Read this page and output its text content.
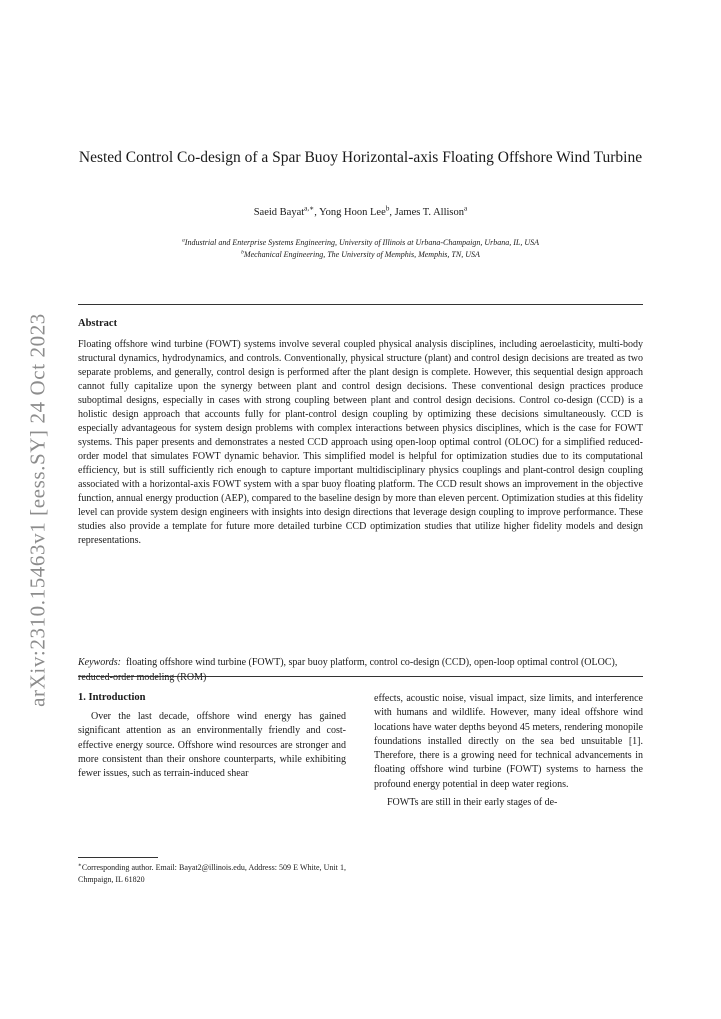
arXiv:2310.15463v1 [eess.SY] 24 Oct 2023
Nested Control Co-design of a Spar Buoy Horizontal-axis Floating Offshore Wind Turbine
Saeid Bayat$^{a,∗}$, Yong Hoon Lee$^b$, James T. Allison$^a$
$^a$Industrial and Enterprise Systems Engineering, University of Illinois at Urbana-Champaign, Urbana, IL, USA
$^b$Mechanical Engineering, The University of Memphis, Memphis, TN, USA
Abstract

Floating offshore wind turbine (FOWT) systems involve several coupled physical analysis disciplines, including aeroelasticity, multi-body structural dynamics, hydrodynamics, and controls. Conventionally, physical structure (plant) and control design decisions are treated as two separate problems, and generally, control design is performed after the plant design is complete. However, this sequential design approach cannot fully capitalize upon the synergy between plant and control design decisions. These conventional design practices produce suboptimal designs, especially in cases with strong coupling between plant and control design decisions. Control co-design (CCD) is a holistic design approach that accounts fully for plant-control design coupling by optimizing these decisions simultaneously. CCD is especially advantageous for system design problems with complex interactions between physics disciplines, which is the case for FOWT systems. This paper presents and demonstrates a nested CCD approach using open-loop optimal control (OLOC) for a simplified reduced-order model that simulates FOWT dynamic behavior. This simplified model is helpful for optimization studies due to its computational efficiency, but is still sufficiently rich enough to capture important multidisciplinary physics couplings and plant-control design coupling associated with a horizontal-axis FOWT system with a spar buoy floating platform. The CCD result shows an improvement in the objective function, annual energy production (AEP), compared to the baseline design by more than eleven percent. Optimization studies at this fidelity level can provide system design engineers with insights into design directions that leverage design coupling to improve performance. These studies also provide a template for future more detailed turbine CCD optimization studies that utilize higher fidelity models and design representations.

Keywords: floating offshore wind turbine (FOWT), spar buoy platform, control co-design (CCD), open-loop optimal control (OLOC), reduced-order modeling (ROM)

1. Introduction

Over the last decade, offshore wind energy has gained significant attention as an environmentally friendly and cost-effective energy source. Offshore wind resources are stronger and more consistent than their onshore counterparts, while exhibiting fewer issues, such as terrain-induced shear

effects, acoustic noise, visual impact, size limits, and interference with humans and wildlife. However, many ideal offshore wind locations have water depths beyond 45 meters, rendering monopile foundations installed directly on the sea bed unsuitable [1]. Therefore, there is a growing need for technical advancements in floating offshore wind turbine (FOWT) systems to harness the profound energy potential in deep water regions.

FOWTs are still in their early stages of de-

∗Corresponding author. Email: Bayat2@illinois.edu, Address: 509 E White, Unit 1, Chmpaign, IL 61820
